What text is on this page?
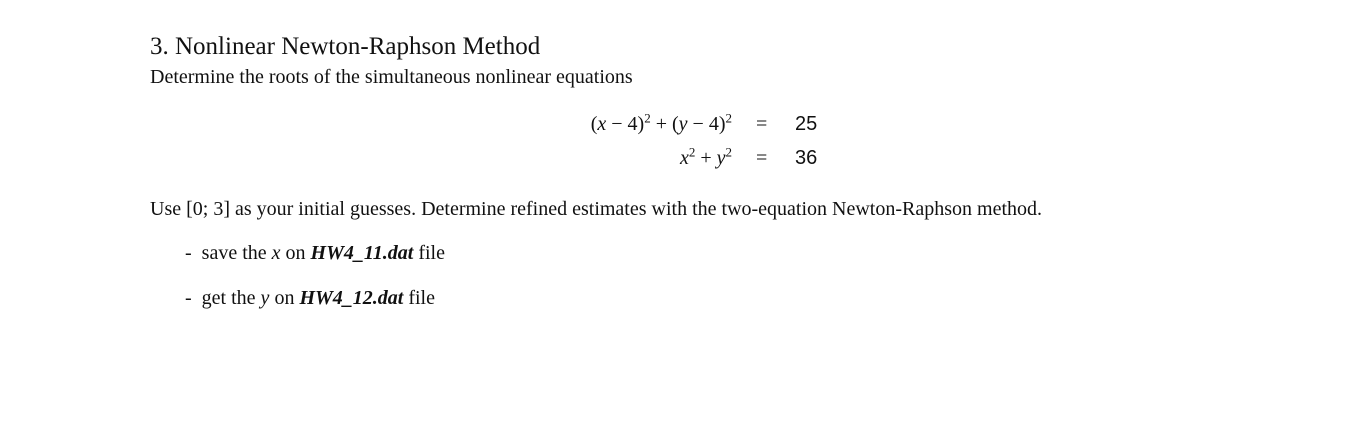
3. Nonlinear Newton-Raphson Method
Determine the roots of the simultaneous nonlinear equations
$(x - 4)^2 + (y - 4)^2 = 25$
$x^2 + y^2 = 36$
Use [0; 3] as your initial guesses. Determine refined estimates with the two-equation Newton-Raphson method.
- save the x on HW4_11.dat file
- get the y on HW4_12.dat file
